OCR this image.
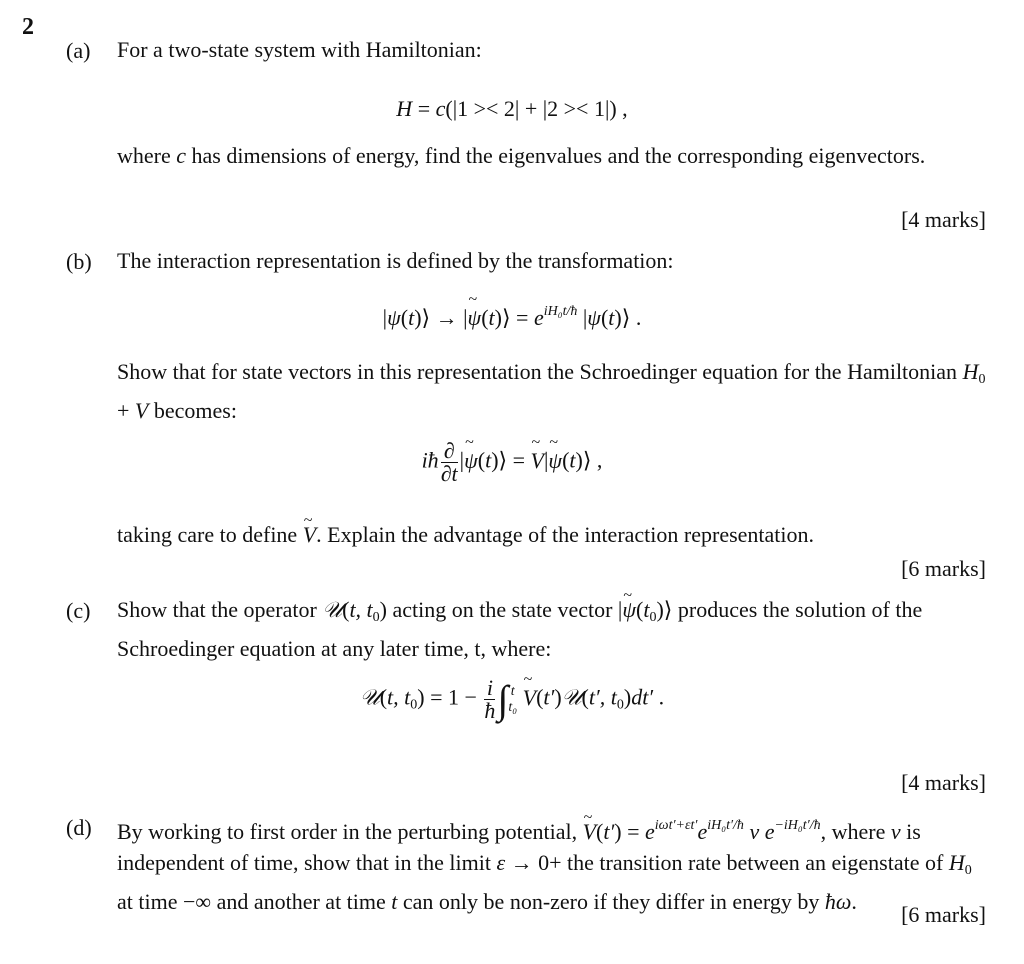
2
(a) For a two-state system with Hamiltonian:
H = c(|1 >< 2| + |2 >< 1|) ,
where c has dimensions of energy, find the eigenvalues and the corresponding eigenvectors.
[4 marks]
(b) The interaction representation is defined by the transformation:
|ψ(t)⟩ → |~ ψ(t)⟩ = $e^{iH_0t/ħ}$ |ψ(t)⟩ .
Show that for state vectors in this representation the Schroedinger equation for the Hamiltonian $H_0 + V$ becomes:
iħ $\frac{\partial}{\partial t}$ |~ ψ(t)⟩ = ~ V|~ ψ(t)⟩ ,
taking care to define ~ V. Explain the advantage of the interaction representation.
[6 marks]
(c) Show that the operator 𝒰(t, $t_0$) acting on the state vector |~ $\psi(t_0)⟩$ produces the solution of the Schroedinger equation at any later time, t, where:
𝒰(t, $t_0) = 1 - \frac{i}{ħ}$ ∫ t
t₀
~ V(t′)𝒰(t′, $t_0)dt'$ .
[4 marks]
(d) By working to first order in the perturbing potential, ~ $V(t') = e^{i\omega t'+\varepsilon t'}e^{iH_0t'/ħ}$ v $e^{-iH_0t'/ħ}$, where v is independent of time, show that in the limit ε → 0+ the transition rate between an eigenstate of $H_0$ at time −∞ and another at time t can only be non-zero if they differ in energy by ħω.
[6 marks]
